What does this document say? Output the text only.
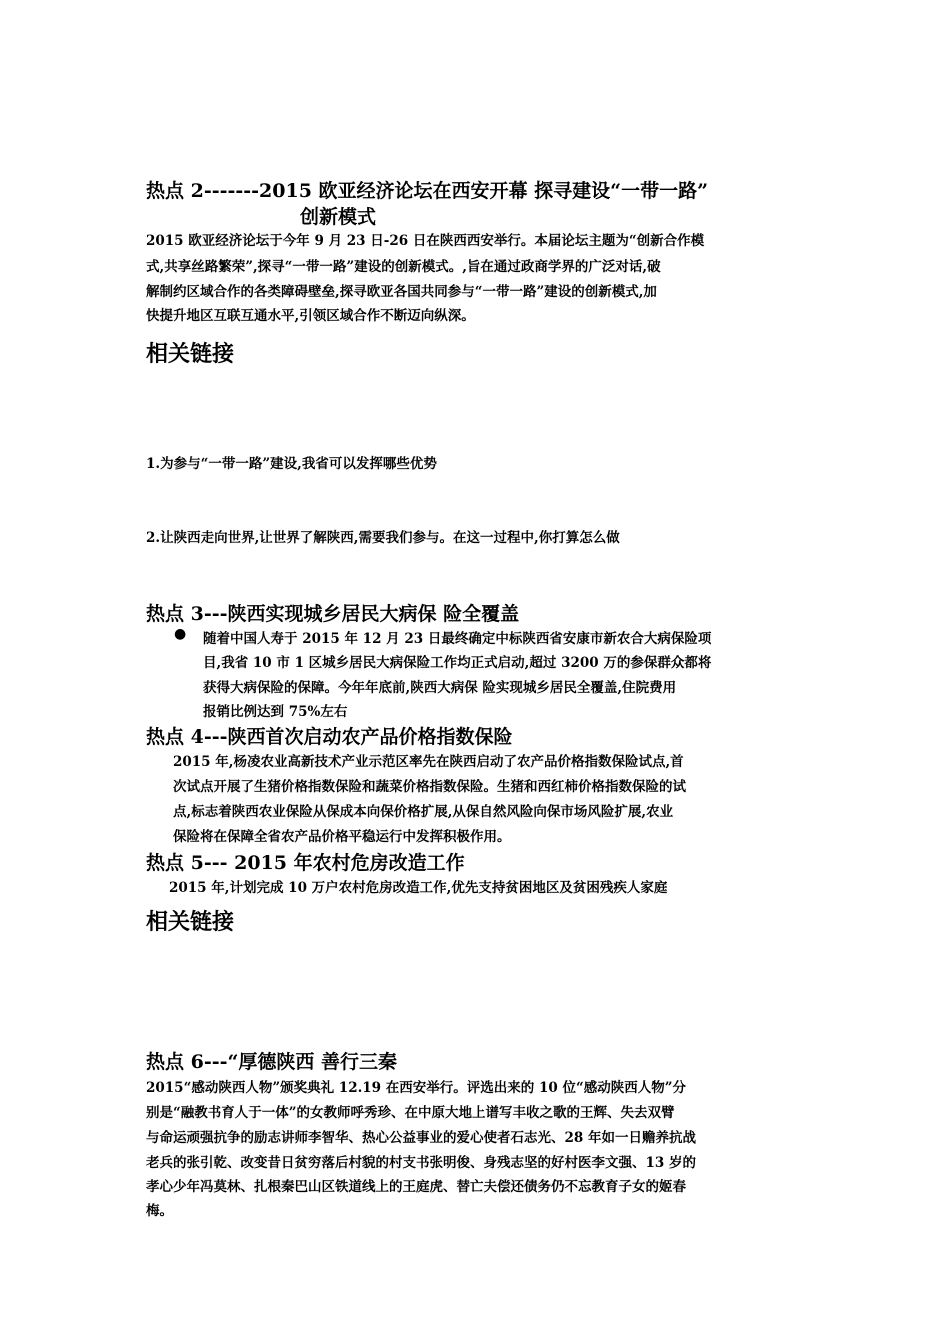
热点 2-------2015 欧亚经济论坛在西安开幕 探寻建设“一带一路”
创新模式
2015 欧亚经济论坛于今年 9 月 23 日-26 日在陕西西安举行。本届论坛主题为“创新合作模
式,共享丝路繁荣”,探寻“一带一路”建设的创新模式。,旨在通过政商学界的广泛对话,破
解制约区域合作的各类障碍壁垒,探寻欧亚各国共同参与“一带一路”建设的创新模式,加
快提升地区互联互通水平,引领区域合作不断迈向纵深。
相关链接
1.为参与“一带一路”建设,我省可以发挥哪些优势
2.让陕西走向世界,让世界了解陕西,需要我们参与。在这一过程中,你打算怎么做
热点 3---陕西实现城乡居民大病保 险全覆盖
● 随着中国人寿于 2015 年 12 月 23 日最终确定中标陕西省安康市新农合大病保险项
目,我省 10 市 1 区城乡居民大病保险工作均正式启动,超过 3200 万的参保群众都将
获得大病保险的保障。今年年底前,陕西大病保 险实现城乡居民全覆盖,住院费用
报销比例达到 75%左右
热点 4---陕西首次启动农产品价格指数保险
2015 年,杨凌农业高新技术产业示范区率先在陕西启动了农产品价格指数保险试点,首
次试点开展了生猪价格指数保险和蔬菜价格指数保险。生猪和西红柿价格指数保险的试
点,标志着陕西农业保险从保成本向保价格扩展,从保自然风险向保市场风险扩展,农业
保险将在保障全省农产品价格平稳运行中发挥积极作用。
热点 5--- 2015 年农村危房改造工作
2015 年,计划完成 10 万户农村危房改造工作,优先支持贫困地区及贫困残疾人家庭
相关链接
热点 6---“厚德陕西 善行三秦
2015“感动陕西人物”颁奖典礼 12.19 在西安举行。评选出来的 10 位“感动陕西人物”分
别是“融教书育人于一体”的女教师呼秀珍、在中原大地上谱写丰收之歌的王辉、失去双臂
与命运顽强抗争的励志讲师李智华、热心公益事业的爱心使者石志光、28 年如一日赡养抗战
老兵的张引乾、改变昔日贫穷落后村貌的村支书张明俊、身残志坚的好村医李文强、13 岁的
孝心少年冯莫林、扎根秦巴山区铁道线上的王庭虎、替亡夫偿还债务仍不忘教育子女的姬春
梅。
